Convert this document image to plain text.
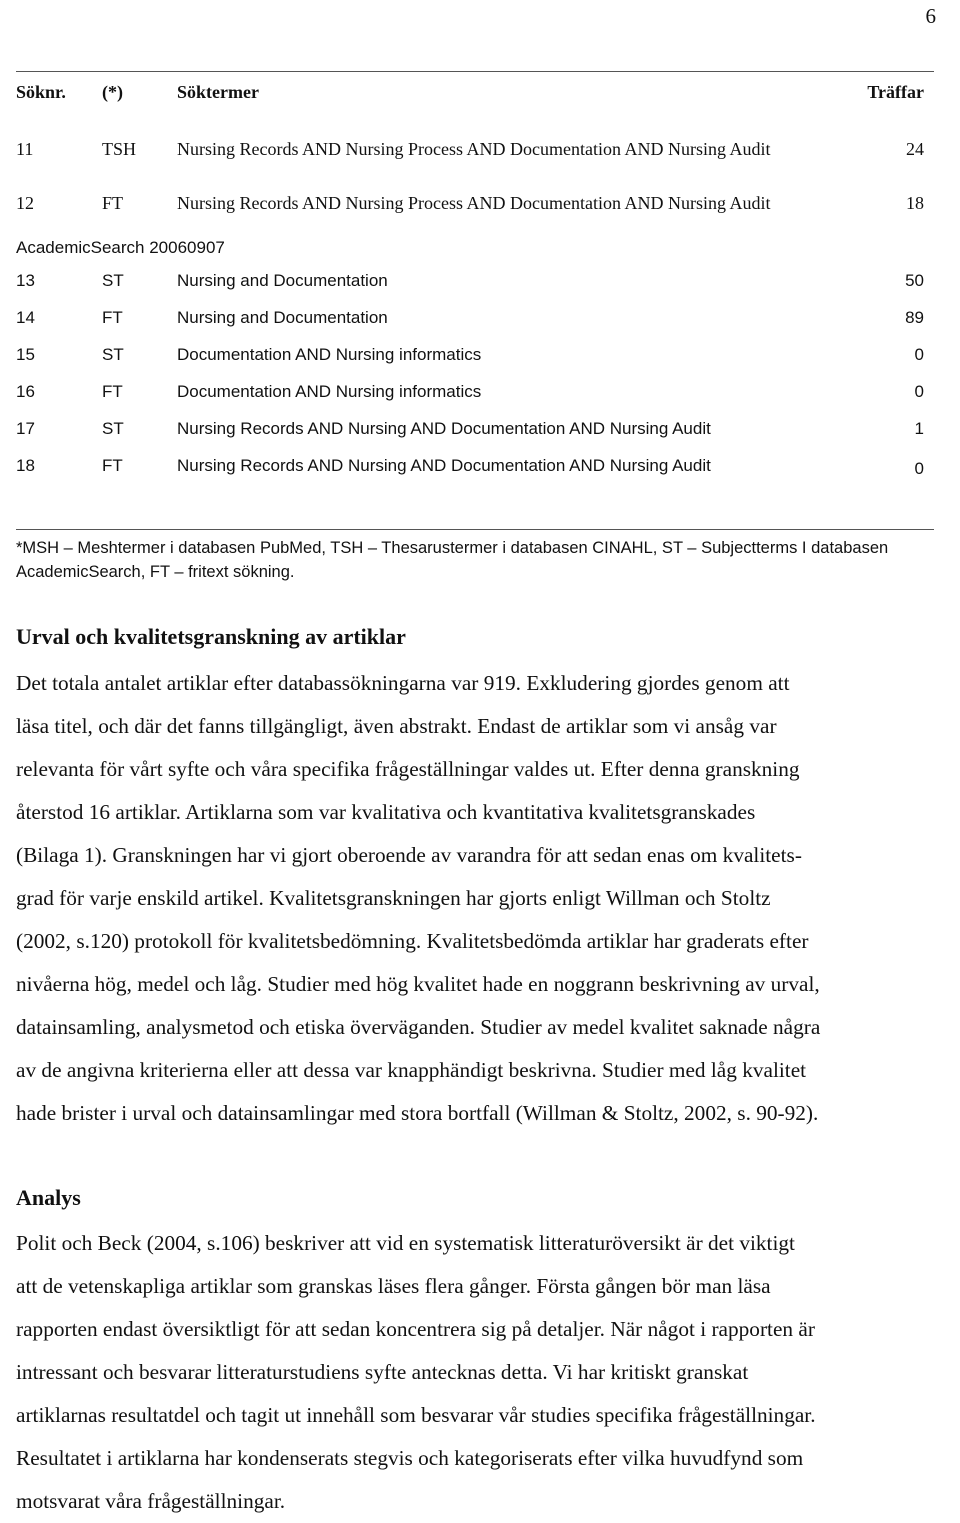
6
Söknr.	(*)	Söktermer	Träffar
11	TSH	Nursing Records AND Nursing Process AND Documentation AND Nursing Audit	24
12	FT	Nursing Records AND Nursing Process AND Documentation AND Nursing Audit	18
AcademicSearch 20060907
13	ST	Nursing and Documentation	50
14	FT	Nursing and Documentation	89
15	ST	Documentation AND Nursing informatics	0
16	FT	Documentation AND Nursing informatics	0
17	ST	Nursing Records AND Nursing AND Documentation AND Nursing Audit	1
18	FT	Nursing Records AND Nursing AND Documentation AND Nursing Audit	0
*MSH – Meshtermer i databasen PubMed, TSH – Thesarustermer i databasen CINAHL, ST – Subjectterms I databasen AcademicSearch, FT – fritext sökning.
Urval och kvalitetsgranskning av artiklar
Det totala antalet artiklar efter databassökningarna var 919. Exkludering gjordes genom att
läsa titel, och där det fanns tillgängligt, även abstrakt. Endast de artiklar som vi ansåg var
relevanta för vårt syfte och våra specifika frågeställningar valdes ut. Efter denna granskning
återstod 16 artiklar. Artiklarna som var kvalitativa och kvantitativa kvalitetsgranskades
(Bilaga 1). Granskningen har vi gjort oberoende av varandra för att sedan enas om kvalitets-
grad för varje enskild artikel. Kvalitetsgranskningen har gjorts enligt Willman och Stoltz
(2002, s.120) protokoll för kvalitetsbedömning. Kvalitetsbedömda artiklar har graderats efter
nivåerna hög, medel och låg. Studier med hög kvalitet hade en noggrann beskrivning av urval,
datainsamling, analysmetod och etiska överväganden. Studier av medel kvalitet saknade några
av de angivna kriterierna eller att dessa var knapphändigt beskrivna. Studier med låg kvalitet
hade brister i urval och datainsamlingar med stora bortfall (Willman & Stoltz, 2002, s. 90-92).
Analys
Polit och Beck (2004, s.106) beskriver att vid en systematisk litteraturöversikt är det viktigt
att de vetenskapliga artiklar som granskas läses flera gånger. Första gången bör man läsa
rapporten endast översiktligt för att sedan koncentrera sig på detaljer. När något i rapporten är
intressant och besvarar litteraturstudiens syfte antecknas detta. Vi har kritiskt granskat
artiklarnas resultatdel och tagit ut innehåll som besvarar vår studies specifika frågeställningar.
Resultatet i artiklarna har kondenserats stegvis och kategoriserats efter vilka huvudfynd som
motsvarat våra frågeställningar.
